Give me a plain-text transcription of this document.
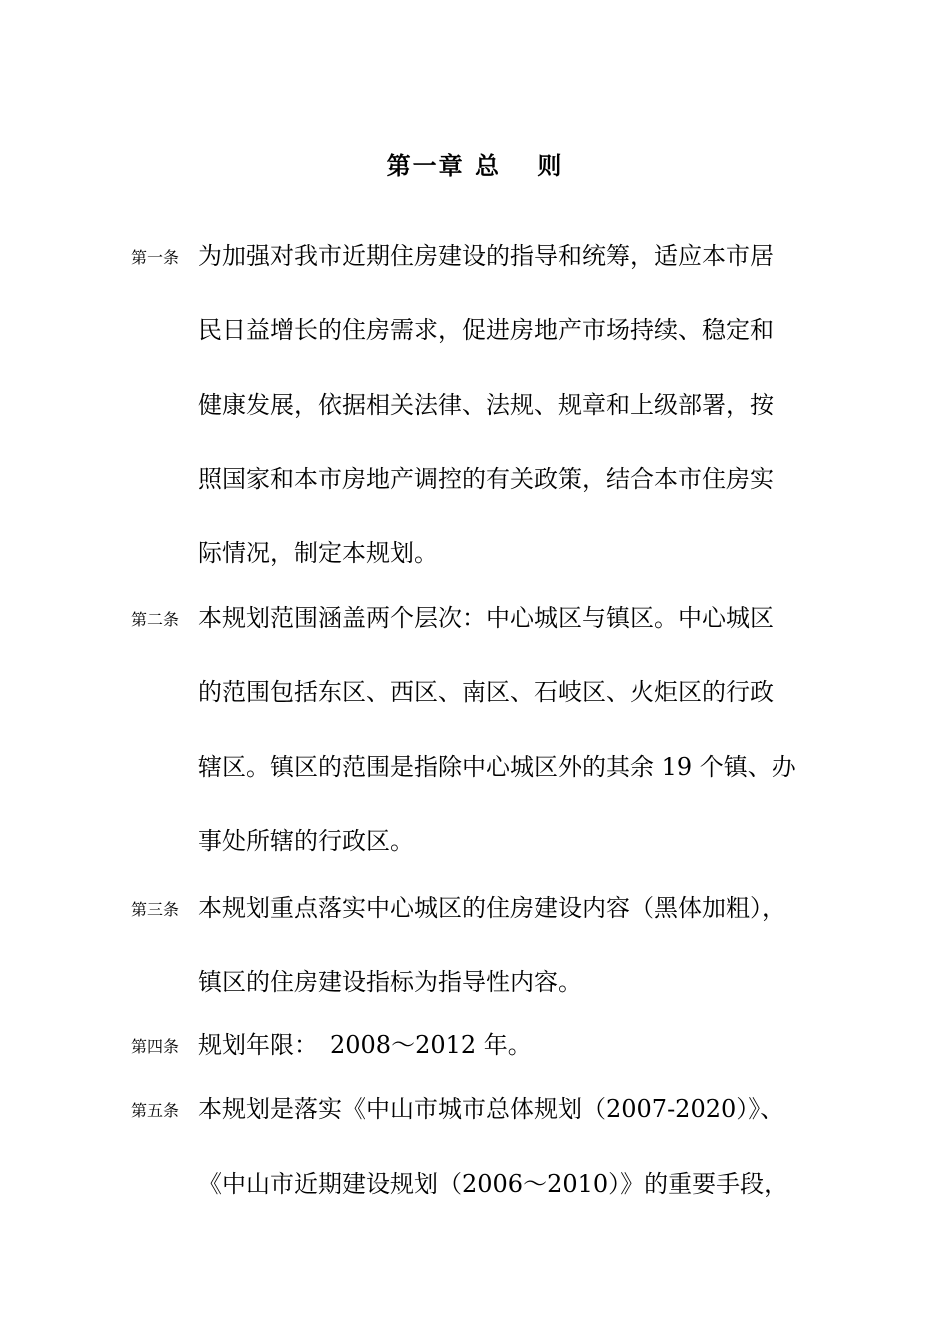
第一章 总　 则
第一条 为加强对我市近期住房建设的指导和统筹，适应本市居
民日益增长的住房需求，促进房地产市场持续、稳定和
健康发展，依据相关法律、法规、规章和上级部署，按
照国家和本市房地产调控的有关政策，结合本市住房实
际情况，制定本规划。
第二条 本规划范围涵盖两个层次：中心城区与镇区。中心城区
的范围包括东区、西区、南区、石岐区、火炬区的行政
辖区。镇区的范围是指除中心城区外的其余 19 个镇、办
事处所辖的行政区。
第三条 本规划重点落实中心城区的住房建设内容（黑体加粗），
镇区的住房建设指标为指导性内容。
第四条 规划年限：　2008～2012 年。
第五条 本规划是落实《中山市城市总体规划（2007-2020）》、
《中山市近期建设规划（2006～2010）》的重要手段，
